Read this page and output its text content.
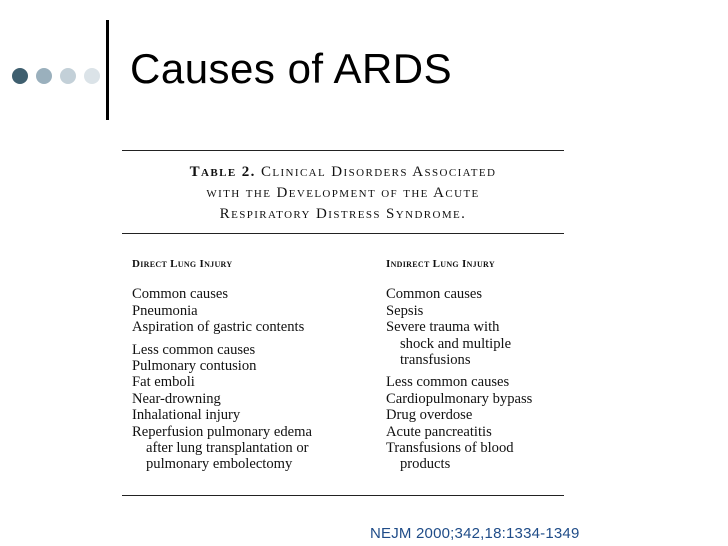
Causes of ARDS
Table 2. Clinical Disorders Associated
with the Development of the Acute
Respiratory Distress Syndrome.
Direct Lung Injury
Common causes
Pneumonia
Aspiration of gastric contents
Less common causes
Pulmonary contusion
Fat emboli
Near-drowning
Inhalational injury
Reperfusion pulmonary edema
after lung transplantation or
pulmonary embolectomy
Indirect Lung Injury
Common causes
Sepsis
Severe trauma with
shock and multiple
transfusions
Less common causes
Cardiopulmonary bypass
Drug overdose
Acute pancreatitis
Transfusions of blood
products
NEJM 2000;342,18:1334-1349
